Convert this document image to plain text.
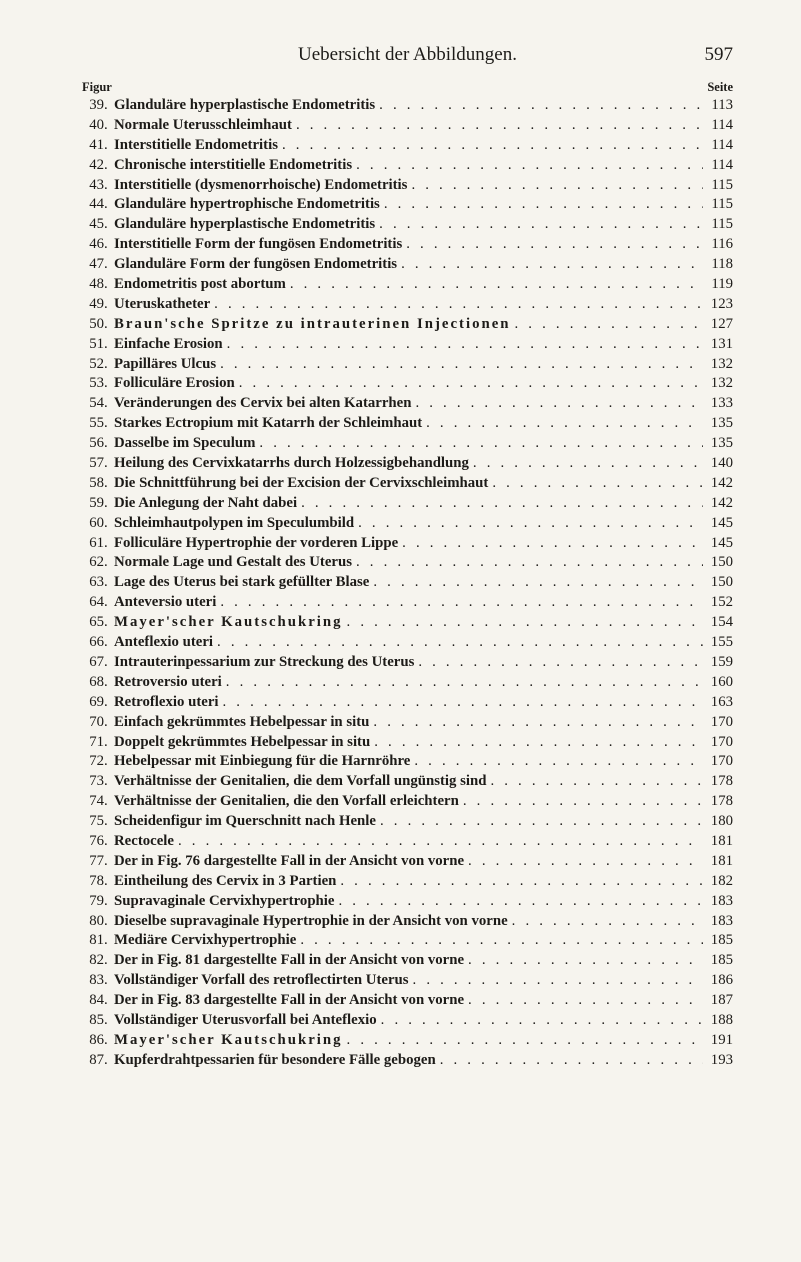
Uebersicht der Abbildungen.	597
Figur	Seite
39 . Glanduläre hyperplastische Endometritis . . .	113
40 . Normale Uterusschleimhaut . . .	114
41 . Interstitielle Endometritis . . .	114
42 . Chronische interstitielle Endometritis . . .	114
43 . Interstitielle (dysmenorrhoische) Endometritis . . .	115
44 . Glanduläre hypertrophische Endometritis . . .	115
45 . Glanduläre hyperplastische Endometritis . . .	115
46 . Interstitielle Form der fungösen Endometritis . . .	116
47 . Glanduläre Form der fungösen Endometritis . . .	118
48 . Endometritis post abortum . . .	119
49 . Uteruskatheter . . .	123
50 . Braun'sche Spritze zu intrauterinen Injectionen . . .	127
51 . Einfache Erosion . . .	131
52 . Papilläres Ulcus . . .	132
53 . Folliculäre Erosion . . .	132
54 . Veränderungen des Cervix bei alten Katarrhen . . .	133
55 . Starkes Ectropium mit Katarrh der Schleimhaut . . .	135
56 . Dasselbe im Speculum . . .	135
57 . Heilung des Cervixkatarrhs durch Holzessigbehandlung . . .	140
58 . Die Schnittführung bei der Excision der Cervixschleimhaut . . .	142
59 . Die Anlegung der Naht dabei . . .	142
60 . Schleimhautpolypen im Speculumbild . . .	145
61 . Folliculäre Hypertrophie der vorderen Lippe . . .	145
62 . Normale Lage und Gestalt des Uterus . . .	150
63 . Lage des Uterus bei stark gefüllter Blase . . .	150
64 . Anteversio uteri . . .	152
65 . Mayer'scher Kautschukring . . .	154
66 . Anteflexio uteri . . .	155
67 . Intrauterinpessarium zur Streckung des Uterus . . .	159
68 . Retroversio uteri . . .	160
69 . Retroflexio uteri . . .	163
70 . Einfach gekrümmtes Hebelpessar in situ . . .	170
71 . Doppelt gekrümmtes Hebelpessar in situ . . .	170
72 . Hebelpessar mit Einbiegung für die Harnröhre . . .	170
73 . Verhältnisse der Genitalien, die dem Vorfall ungünstig sind . . .	178
74 . Verhältnisse der Genitalien, die den Vorfall erleichtern . . .	178
75 . Scheidenfigur im Querschnitt nach Henle . . .	180
76 . Rectocele . . .	181
77 . Der in Fig. 76 dargestellte Fall in der Ansicht von vorne . . .	181
78 . Eintheilung des Cervix in 3 Partien . . .	182
79 . Supravaginale Cervixhypertrophie . . .	183
80 . Dieselbe supravaginale Hypertrophie in der Ansicht von vorne . . .	183
81 . Mediäre Cervixhypertrophie . . .	185
82 . Der in Fig. 81 dargestellte Fall in der Ansicht von vorne . . .	185
83 . Vollständiger Vorfall des retroflectirten Uterus . . .	186
84 . Der in Fig. 83 dargestellte Fall in der Ansicht von vorne . . .	187
85 . Vollständiger Uterusvorfall bei Anteflexio . . .	188
86 . Mayer'scher Kautschukring . . .	191
87 . Kupferdrahtpessarien für besondere Fälle gebogen . . .	193
